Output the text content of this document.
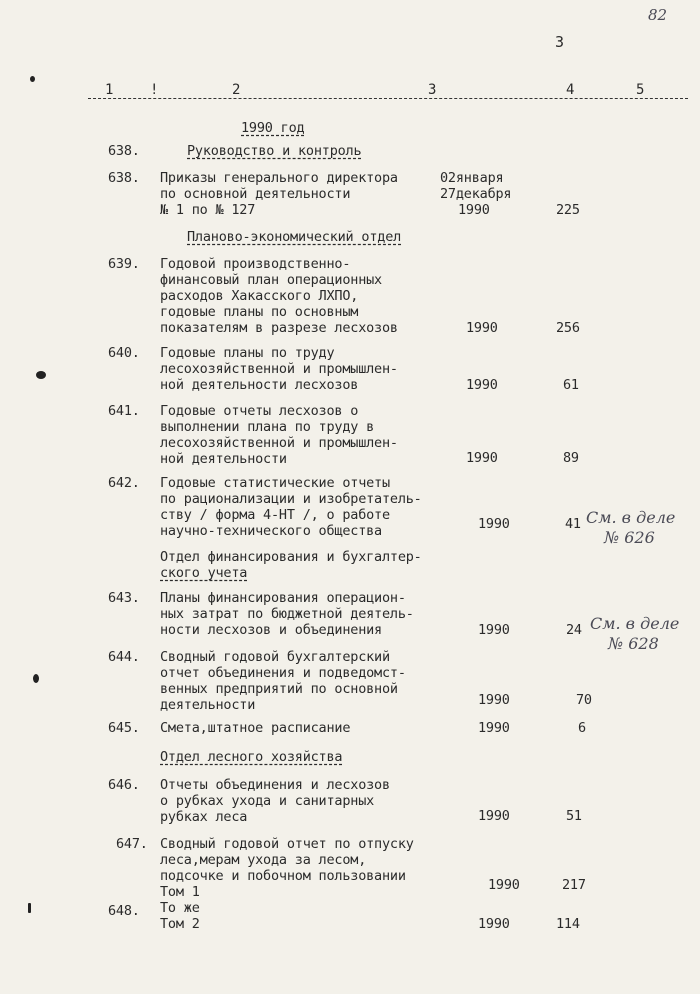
82
3
1	!	2	3	4	5
1990 год
638.	Руководство и контроль
638. Приказы генерального директора
по основной деятельности
№ 1 по № 127
02января
27декабря
1990	225
Планово-экономический отдел
639. Годовой производственно-
финансовый план операционных
расходов Хакасского ЛХПО,
годовые планы по основным
показателям в разрезе лесхозов	1990	256
640. Годовые планы по труду
лесохозяйственной и промышлен-
ной деятельности лесхозов	1990	61
641. Годовые отчеты лесхозов о
выполнении плана по труду в
лесохозяйственной и промышлен-
ной деятельности	1990	89
642. Годовые статистические отчеты
по рационализации и изобретатель-
ству / форма 4-НТ /, о работе
научно-технического общества	1990	41 См. в деле
№ 626
Отдел финансирования и бухгалтер-
ского учета
643. Планы финансирования операцион-
ных затрат по бюджетной деятель-
ности лесхозов и объединения	1990	24 См. в деле
№ 628
644. Сводный годовой бухгалтерский
отчет объединения и подведомст-
венных предприятий по основной
деятельности	1990	70
645. Смета,штатное расписание	1990	6
Отдел лесного хозяйства
646. Отчеты объединения и лесхозов
о рубках ухода и санитарных
рубках леса	1990	51
647. Сводный годовой отчет по отпуску
леса,мерам ухода за лесом,
подсочке и побочном пользовании
Том 1	1990	217
648. То же
Том 2	1990	114
